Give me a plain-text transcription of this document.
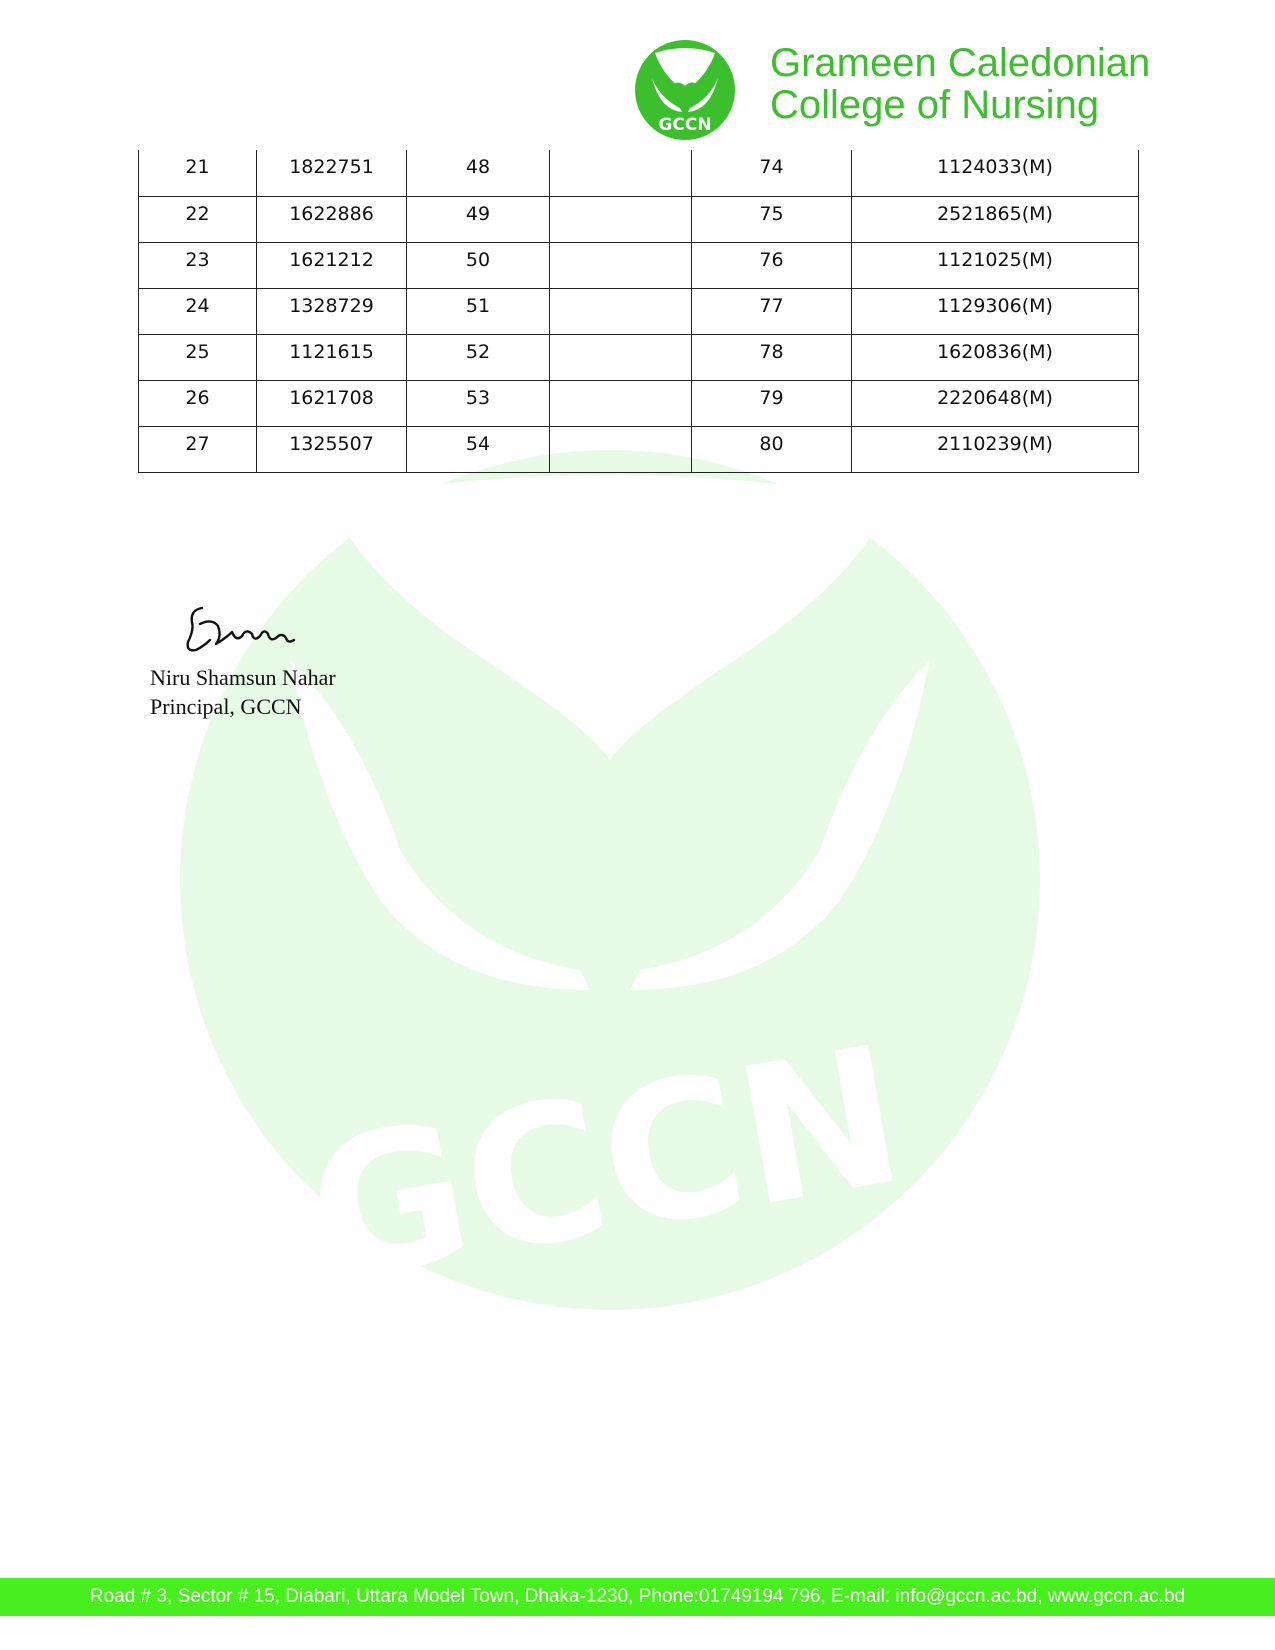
GCCN
GCCN
Grameen Caledonian
College of Nursing
21	1822751	48		74	1124033(M)
22	1622886	49		75	2521865(M)
23	1621212	50		76	1121025(M)
24	1328729	51		77	1129306(M)
25	1121615	52		78	1620836(M)
26	1621708	53		79	2220648(M)
27	1325507	54		80	2110239(M)
Niru Shamsun Nahar
Principal, GCCN
Road # 3, Sector # 15, Diabari, Uttara Model Town, Dhaka-1230, Phone:01749194 796, E-mail: info@gccn.ac.bd, www.gccn.ac.bd
